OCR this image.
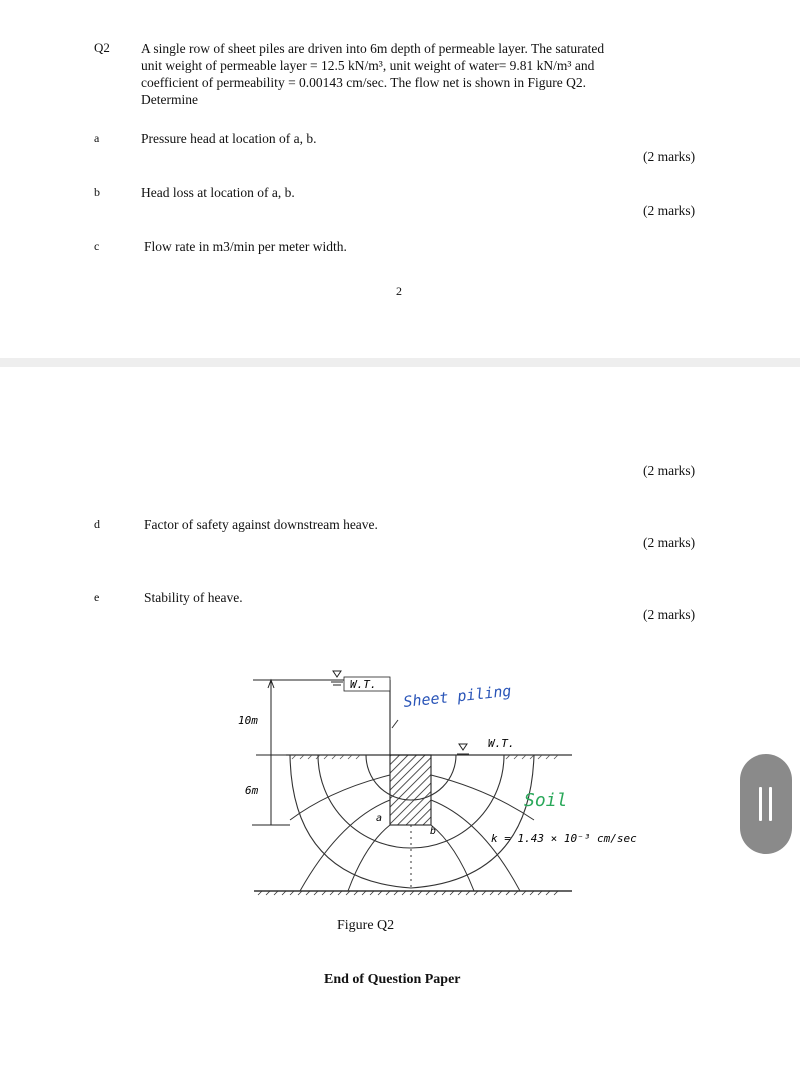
Q2 A single row of sheet piles are driven into 6m depth of permeable layer. The saturated
unit weight of permeable layer = 12.5 kN/m³, unit weight of water= 9.81 kN/m³ and
coefficient of permeability = 0.00143 cm/sec. The flow net is shown in Figure Q2.
Determine
a	Pressure head at location of a, b.
(2 marks)
b	Head loss at location of a, b.
(2 marks)
c	Flow rate in m3/min per meter width.
2
(2 marks)
d	Factor of safety against downstream heave.
(2 marks)
e	Stability of heave.
(2 marks)
W.T.
10m
6m
W.T.
a
b
Sheet piling
Soil
k = 1.43 × 10⁻³ cm/sec
Figure Q2
End of Question Paper
